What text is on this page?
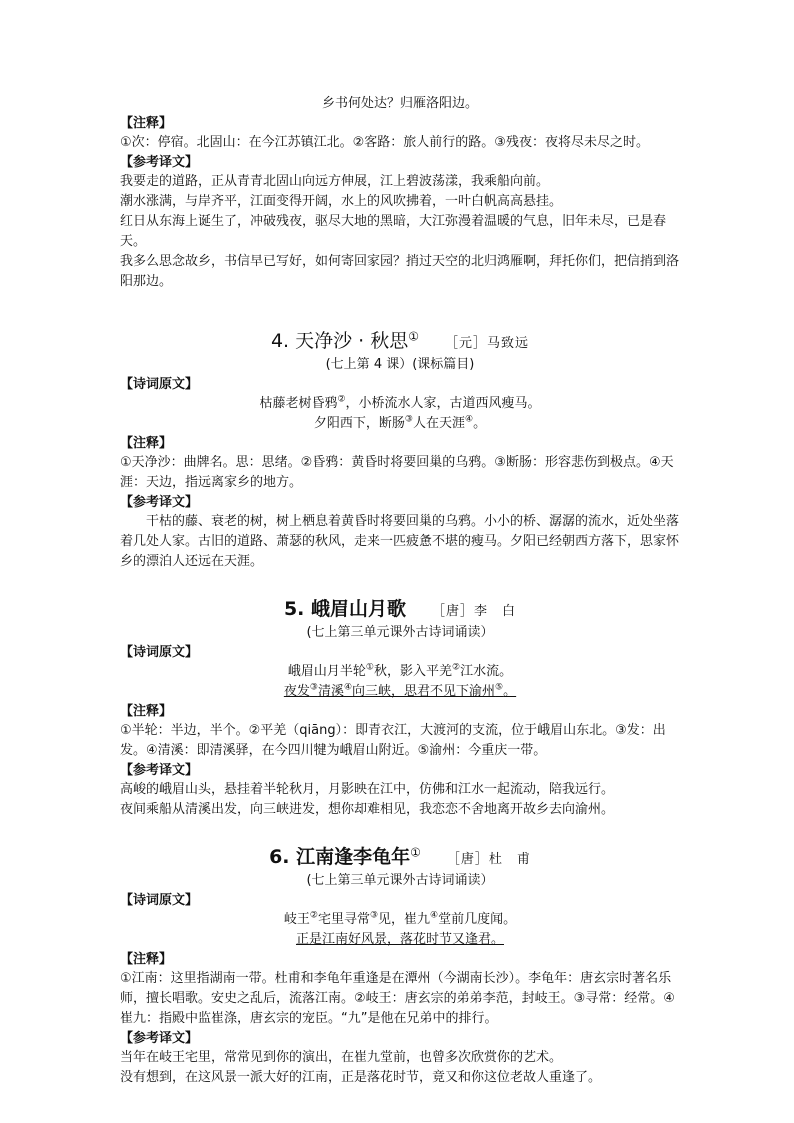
乡书何处达？归雁洛阳边。

【注释】

①次：停宿。北固山：在今江苏镇江北。②客路：旅人前行的路。③残夜：夜将尽未尽之时。

【参考译文】

我要走的道路，正从青青北固山向远方伸展，江上碧波荡漾，我乘船向前。

潮水涨满，与岸齐平，江面变得开阔，水上的风吹拂着，一叶白帆高高悬挂。

红日从东海上诞生了，冲破残夜，驱尽大地的黑暗，大江弥漫着温暖的气息，旧年未尽，已是春天。

我多么思念故乡，书信早已写好，如何寄回家园？捎过天空的北归鸿雁啊，拜托你们，把信捎到洛阳那边。

4. 天净沙 · 秋思① ［元］马致远

(七上第 4 课）(课标篇目)

【诗词原文】

枯藤老树昏鸦②，小桥流水人家，古道西风瘦马。

夕阳西下，断肠③人在天涯④。

【注释】

①天净沙：曲牌名。思：思绪。②昏鸦：黄昏时将要回巢的乌鸦。③断肠：形容悲伤到极点。④天涯：天边，指远离家乡的地方。

【参考译文】

干枯的藤、衰老的树，树上栖息着黄昏时将要回巢的乌鸦。小小的桥、潺潺的流水，近处坐落着几处人家。古旧的道路、萧瑟的秋风，走来一匹疲惫不堪的瘦马。夕阳已经朝西方落下，思家怀乡的漂泊人还远在天涯。

5. 峨眉山月歌 ［唐］李　白

(七上第三单元课外古诗词诵读）

【诗词原文】

峨眉山月半轮①秋，影入平羌②江水流。

夜发③清溪④向三峡，思君不见下渝州⑤。

【注释】

①半轮：半边，半个。②平羌（qiāng）：即青衣江，大渡河的支流，位于峨眉山东北。③发：出发。④清溪：即清溪驿，在今四川犍为峨眉山附近。⑤渝州：今重庆一带。

【参考译文】

高峻的峨眉山头，悬挂着半轮秋月，月影映在江中，仿佛和江水一起流动，陪我远行。

夜间乘船从清溪出发，向三峡进发，想你却难相见，我恋恋不舍地离开故乡去向渝州。

6. 江南逢李龟年① ［唐］杜　甫

(七上第三单元课外古诗词诵读）

【诗词原文】

岐王②宅里寻常③见，崔九④堂前几度闻。

正是江南好风景，落花时节又逢君。

【注释】

①江南：这里指湖南一带。杜甫和李龟年重逢是在潭州（今湖南长沙）。李龟年：唐玄宗时著名乐师，擅长唱歌。安史之乱后，流落江南。②岐王：唐玄宗的弟弟李范，封岐王。③寻常：经常。④崔九：指殿中监崔涤，唐玄宗的宠臣。“九”是他在兄弟中的排行。

【参考译文】

当年在岐王宅里，常常见到你的演出，在崔九堂前，也曾多次欣赏你的艺术。

没有想到，在这风景一派大好的江南，正是落花时节，竟又和你这位老故人重逢了。
